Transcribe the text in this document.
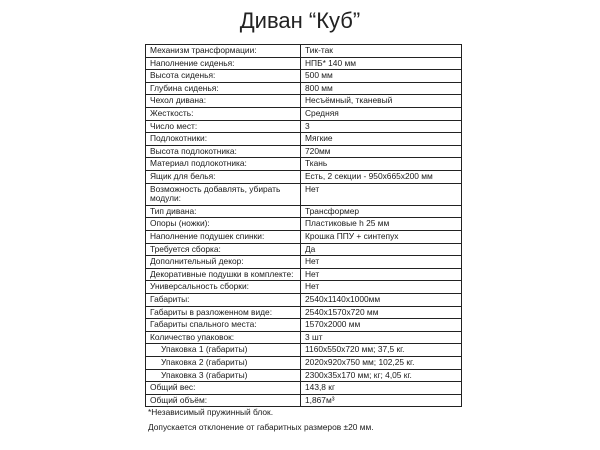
Диван “Куб”
Механизм трансформации:	Тик-так
Наполнение сиденья:	НПБ* 140 мм
Высота сиденья:	500 мм
Глубина сиденья:	800 мм
Чехол дивана:	Несъёмный, тканевый
Жесткость:	Средняя
Число мест:	3
Подлокотники:	Мягкие
Высота подлокотника:	720мм
Материал подлокотника:	Ткань
Ящик для белья:	Есть, 2 секции - 950х665х200 мм
Возможность добавлять, убирать модули:	Нет
Тип дивана:	Трансформер
Опоры (ножки):	Пластиковые h 25 мм
Наполнение подушек спинки:	Крошка ППУ + синтепух
Требуется сборка:	Да
Дополнительный декор:	Нет
Декоративные подушки в комплекте:	Нет
Универсальность сборки:	Нет
Габариты:	2540х1140х1000мм
Габариты в разложенном виде:	2540х1570х720 мм
Габариты спального места:	1570х2000 мм
Количество упаковок:	3 шт
Упаковка 1 (габариты)	1160х550х720 мм; 37,5 кг.
Упаковка 2 (габариты)	2020х920х750 мм; 102,25 кг.
Упаковка 3 (габариты)	2300х35х170 мм; кг; 4,05 кг.
Общий вес:	143,8 кг
Общий объём:	1,867м³
*Независимый пружинный блок.
Допускается отклонение от габаритных размеров ±20 мм.
